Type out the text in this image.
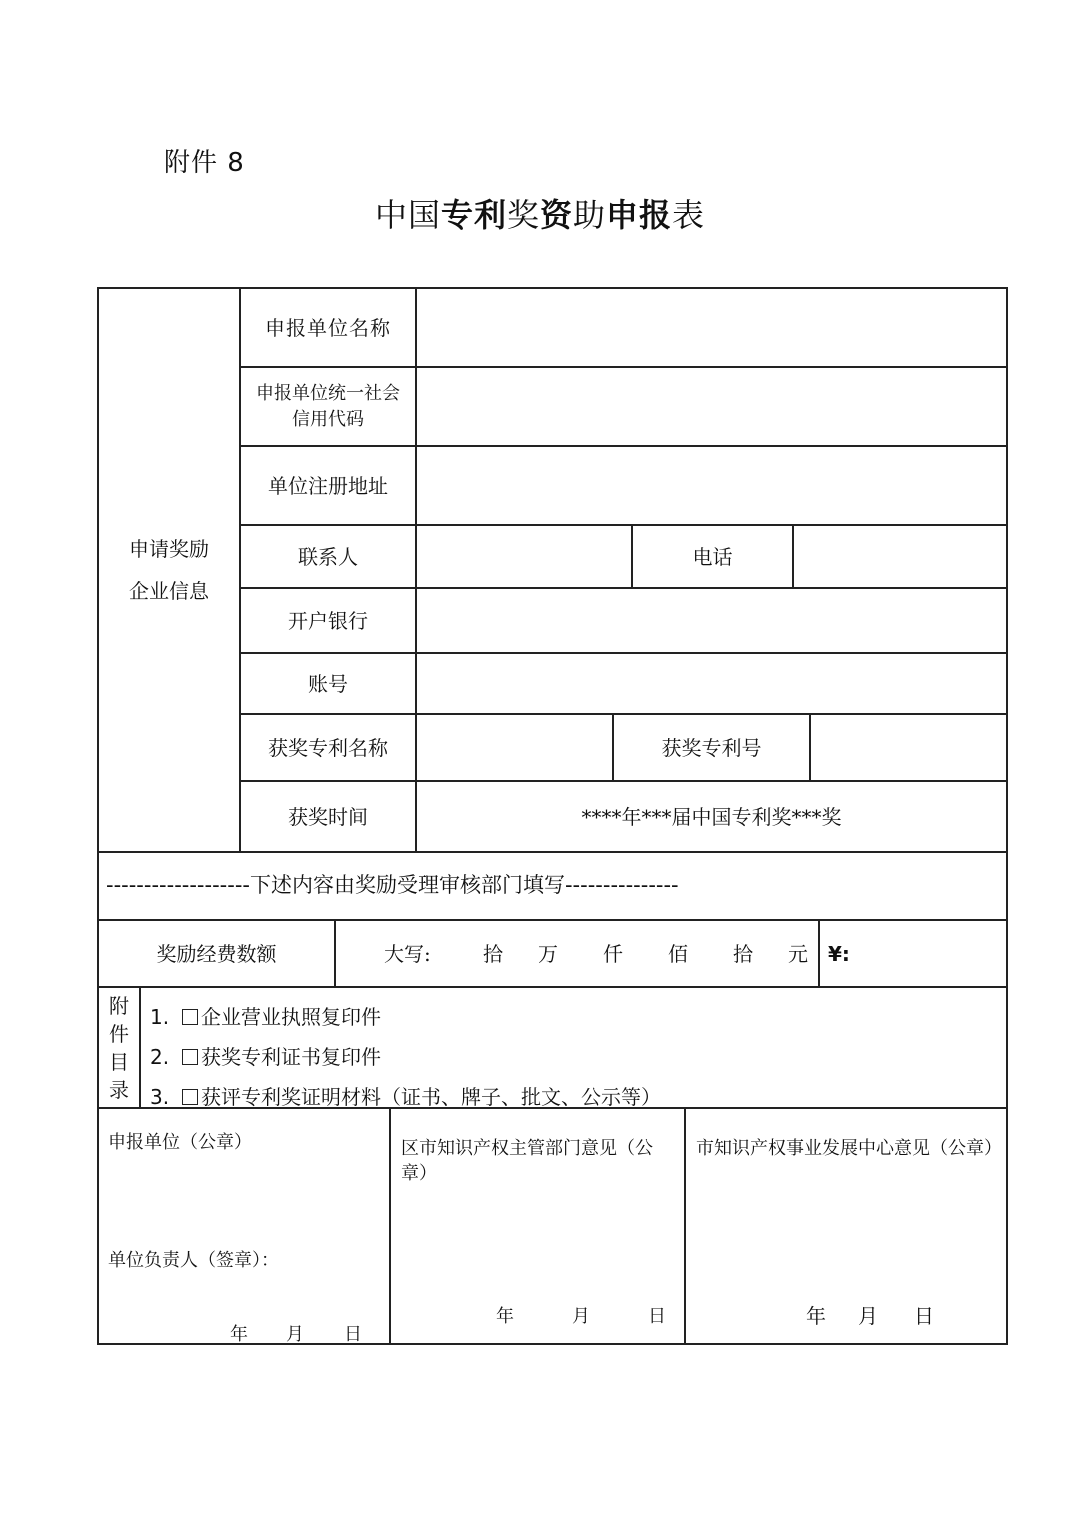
附件 8
中国专利奖资助申报表
申请奖励
企业信息
申报单位名称
申报单位统一社会
信用代码
单位注册地址
联系人	电话
开户银行
账号
获奖专利名称	获奖专利号
获奖时间	****年***届中国专利奖***奖
-------------------下述内容由奖励受理审核部门填写---------------
奖励经费数额	大写:	拾 万 仟 佰 拾 元 ¥:
附
件
目
录
1. 企业营业执照复印件
2. 获奖专利证书复印件
3. 获评专利奖证明材料（证书、牌子、批文、公示等）
申报单位（公章）
单位负责人（签章）：
年 月 日
区市知识产权主管部门意见（公章）
年	月	日
市知识产权事业发展中心意见（公章）
年 月 日
